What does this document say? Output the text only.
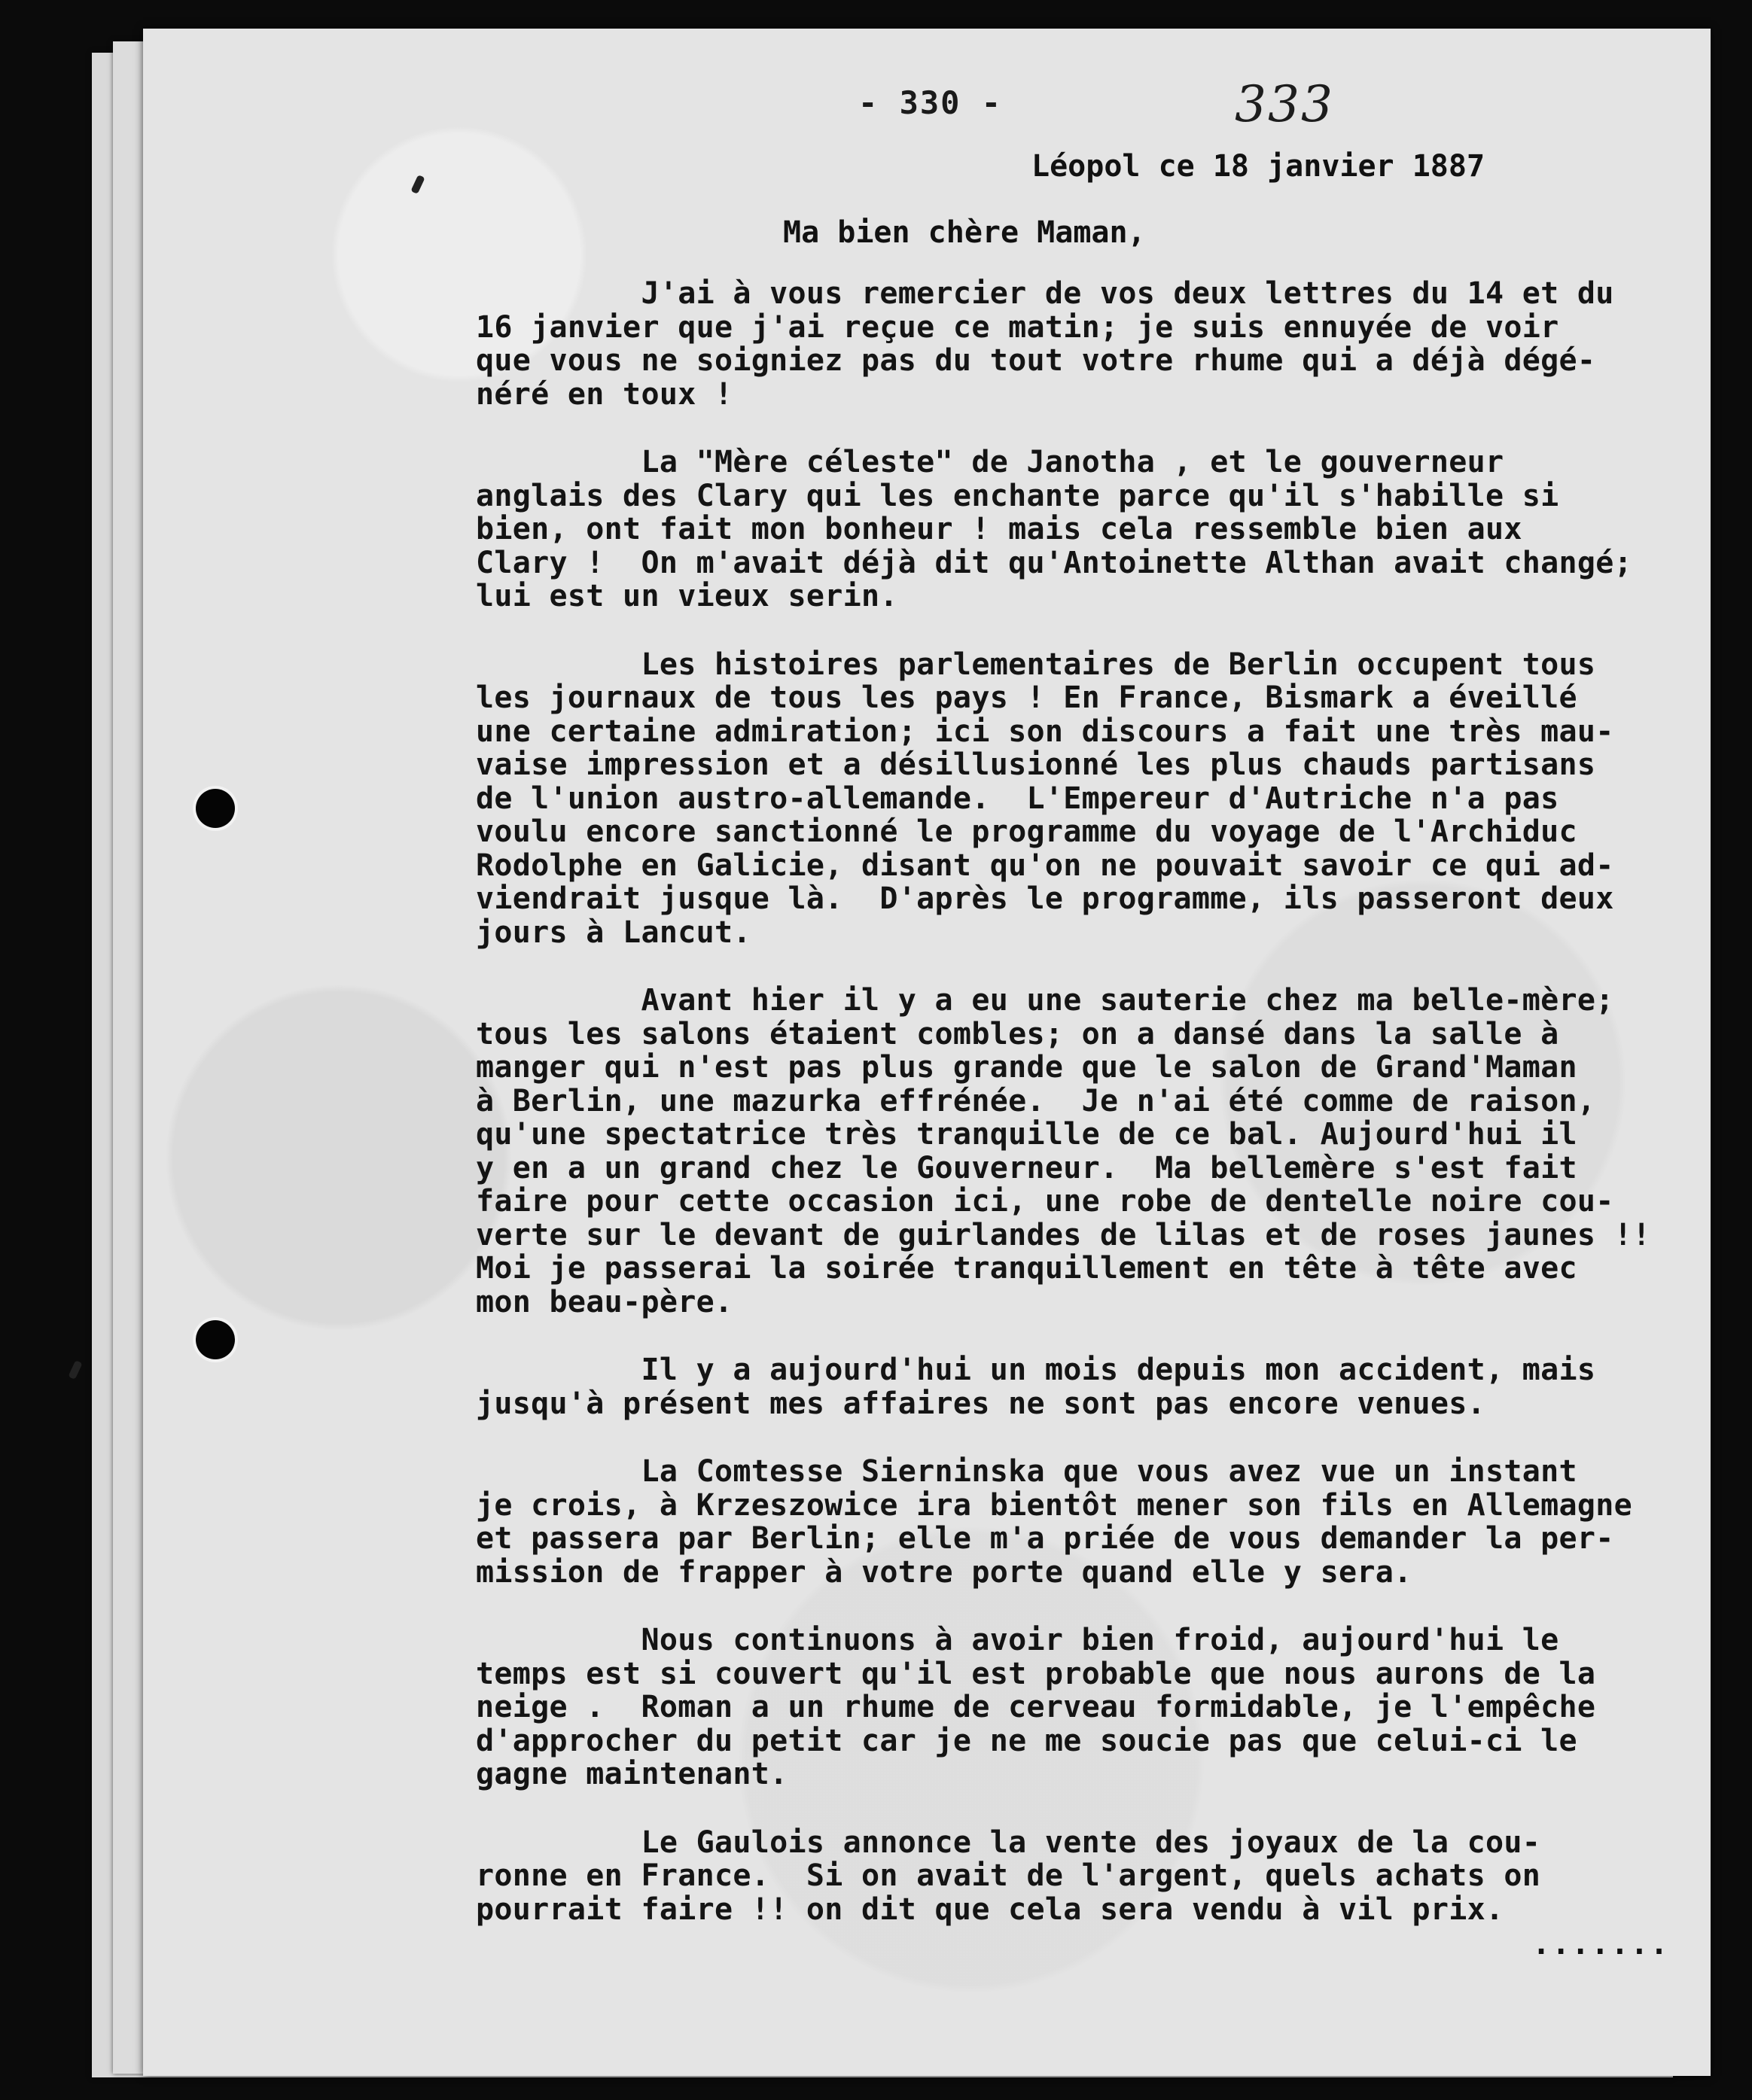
- 330 -	333
Léopol ce 18 janvier 1887
Ma bien chère Maman,
J'ai à vous remercier de vos deux lettres du 14 et du
16 janvier que j'ai reçue ce matin; je suis ennuyée de voir
que vous ne soigniez pas du tout votre rhume qui a déjà dégé-
néré en toux !
La "Mère céleste" de Janotha , et le gouverneur
anglais des Clary qui les enchante parce qu'il s'habille si
bien, ont fait mon bonheur ! mais cela ressemble bien aux
Clary !  On m'avait déjà dit qu'Antoinette Althan avait changé;
lui est un vieux serin.
Les histoires parlementaires de Berlin occupent tous
les journaux de tous les pays ! En France, Bismark a éveillé
une certaine admiration; ici son discours a fait une très mau-
vaise impression et a désillusionné les plus chauds partisans
de l'union austro-allemande.  L'Empereur d'Autriche n'a pas
voulu encore sanctionné le programme du voyage de l'Archiduc
Rodolphe en Galicie, disant qu'on ne pouvait savoir ce qui ad-
viendrait jusque là.  D'après le programme, ils passeront deux
jours à Lancut.
Avant hier il y a eu une sauterie chez ma belle-mère;
tous les salons étaient combles; on a dansé dans la salle à
manger qui n'est pas plus grande que le salon de Grand'Maman
à Berlin, une mazurka effrénée.  Je n'ai été comme de raison,
qu'une spectatrice très tranquille de ce bal. Aujourd'hui il
y en a un grand chez le Gouverneur.  Ma bellemère s'est fait
faire pour cette occasion ici, une robe de dentelle noire cou-
verte sur le devant de guirlandes de lilas et de roses jaunes !!
Moi je passerai la soirée tranquillement en tête à tête avec
mon beau-père.
Il y a aujourd'hui un mois depuis mon accident, mais
jusqu'à présent mes affaires ne sont pas encore venues.
La Comtesse Sierninska que vous avez vue un instant
je crois, à Krzeszowice ira bientôt mener son fils en Allemagne
et passera par Berlin; elle m'a priée de vous demander la per-
mission de frapper à votre porte quand elle y sera.
Nous continuons à avoir bien froid, aujourd'hui le
temps est si couvert qu'il est probable que nous aurons de la
neige .  Roman a un rhume de cerveau formidable, je l'empêche
d'approcher du petit car je ne me soucie pas que celui-ci le
gagne maintenant.
Le Gaulois annonce la vente des joyaux de la cou-
ronne en France.  Si on avait de l'argent, quels achats on
pourrait faire !! on dit que cela sera vendu à vil prix.
.......
